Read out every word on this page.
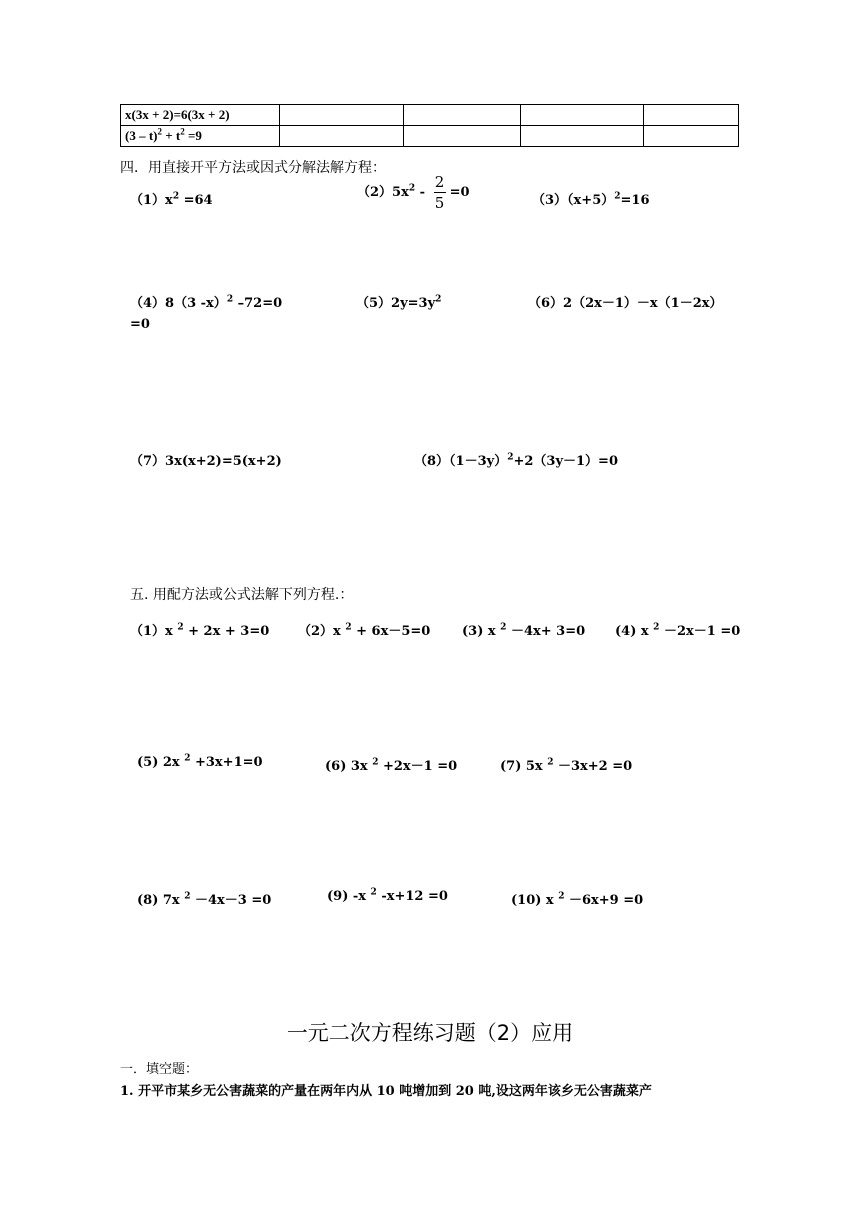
x(3x + 2)=6(3x + 2)				
$(3 - t)^2 + t^2 =9$				
四．用直接开平方法或因式分解法解方程：
$(1)x^2 =64$
$(2)5x^2 - \frac{2}{5} =0$
$(3)(x+5)^2=16$
（4）8（3 -x）$^2$ –72=0	$(5)2y=3y^2$	（6）2（2x－1）－x（1－2x）
=0
（7）3x(x+2)=5(x+2)	$(8)(1-3y)^2+2(3y-1)=0$
五. 用配方法或公式法解下列方程.：
（1）x $^2$ + 2x + 3=0 （2）x $^2$ + 6x－5=0 (3) x $^2$ －4x+ 3=0 (4) x $^2$ －2x－1 =0
(5) 2x $^2$ +3x+1=0	(6) 3x $^2$ +2x－1 =0	(7) 5x $^2$ －3x+2 =0
(8) 7x $^2$ －4x－3 =0	(9) -x $^2$ -x+12 =0	(10) x $^2$ －6x+9 =0
一元二次方程练习题（2）应用
一．填空题：
1. 开平市某乡无公害蔬菜的产量在两年内从 10 吨增加到 20 吨,设这两年该乡无公害蔬菜产
